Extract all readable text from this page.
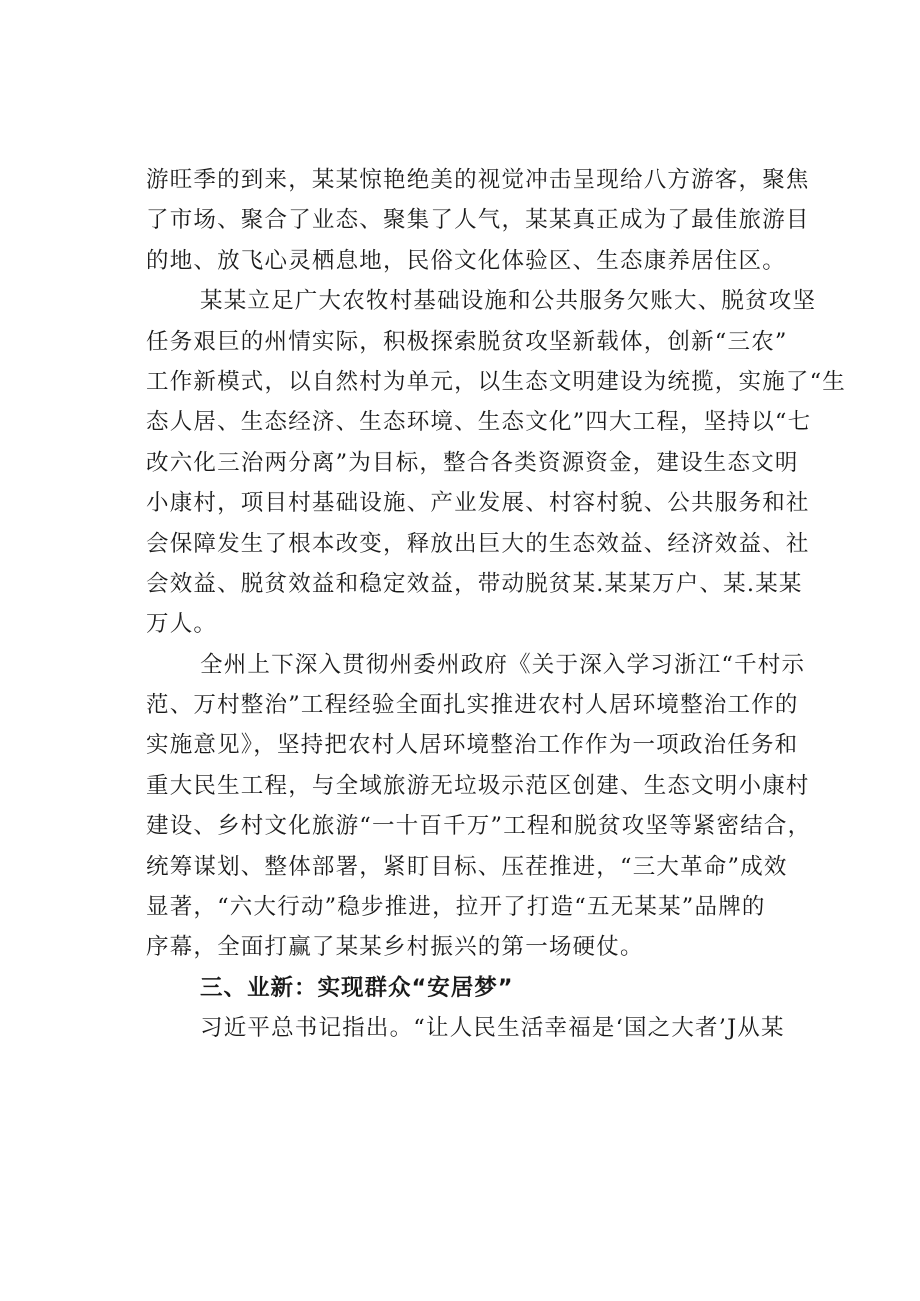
游旺季的到来，某某惊艳绝美的视觉冲击呈现给八方游客，聚焦
了市场、聚合了业态、聚集了人气，某某真正成为了最佳旅游目
的地、放飞心灵栖息地，民俗文化体验区、生态康养居住区。
某某立足广大农牧村基础设施和公共服务欠账大、脱贫攻坚
任务艰巨的州情实际，积极探索脱贫攻坚新载体，创新“三农”
工作新模式，以自然村为单元，以生态文明建设为统揽，实施了“生
态人居、生态经济、生态环境、生态文化”四大工程，坚持以“七
改六化三治两分离”为目标，整合各类资源资金，建设生态文明
小康村，项目村基础设施、产业发展、村容村貌、公共服务和社
会保障发生了根本改变，释放出巨大的生态效益、经济效益、社
会效益、脱贫效益和稳定效益，带动脱贫某.某某万户、某.某某
万人。
全州上下深入贯彻州委州政府《关于深入学习浙江“千村示
范、万村整治”工程经验全面扎实推进农村人居环境整治工作的
实施意见》，坚持把农村人居环境整治工作作为一项政治任务和
重大民生工程，与全域旅游无垃圾示范区创建、生态文明小康村
建设、乡村文化旅游“一十百千万”工程和脱贫攻坚等紧密结合，
统筹谋划、整体部署，紧盯目标、压茬推进，“三大革命”成效
显著，“六大行动”稳步推进，拉开了打造“五无某某”品牌的
序幕，全面打赢了某某乡村振兴的第一场硬仗。
三、业新：实现群众“安居梦”
习近平总书记指出。“让人民生活幸福是‘国之大者’J从某
